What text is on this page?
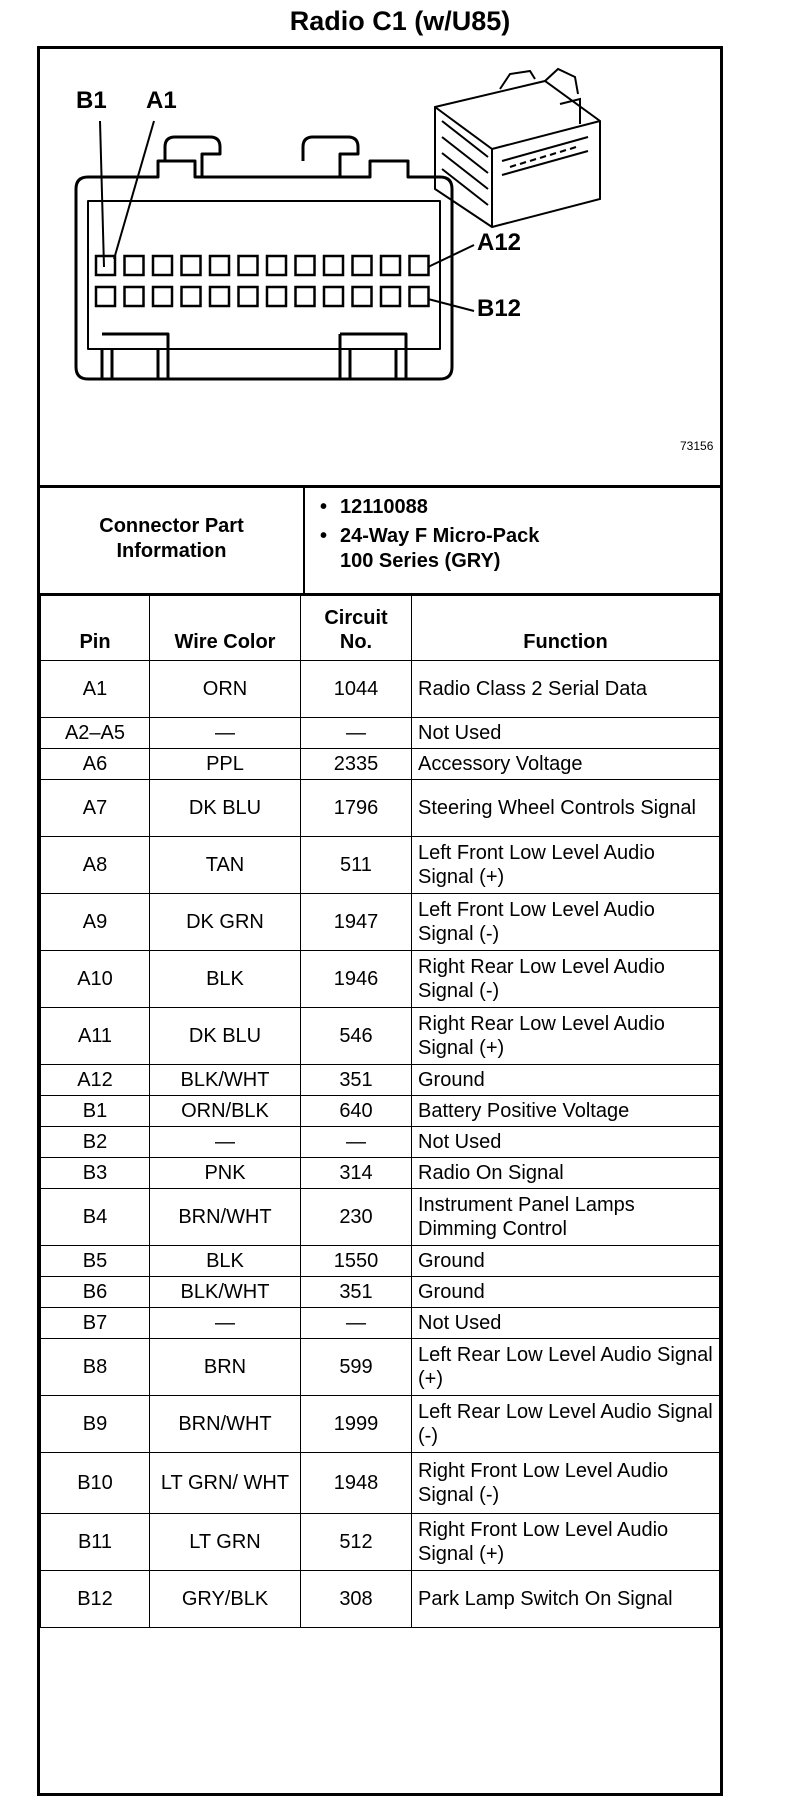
Radio C1 (w/U85)
B1 A1
A12
B12
73156
Connector Part Information
• 12110088
• 24-Way F Micro-Pack 100 Series (GRY)
Pin	Wire Color	Circuit No.	Function
A1	ORN	1044	Radio Class 2 Serial Data
A2–A5	—	—	Not Used
A6	PPL	2335	Accessory Voltage
A7	DK BLU	1796	Steering Wheel Controls Signal
A8	TAN	511	Left Front Low Level Audio Signal (+)
A9	DK GRN	1947	Left Front Low Level Audio Signal (-)
A10	BLK	1946	Right Rear Low Level Audio Signal (-)
A11	DK BLU	546	Right Rear Low Level Audio Signal (+)
A12	BLK/WHT	351	Ground
B1	ORN/BLK	640	Battery Positive Voltage
B2	—	—	Not Used
B3	PNK	314	Radio On Signal
B4	BRN/WHT	230	Instrument Panel Lamps Dimming Control
B5	BLK	1550	Ground
B6	BLK/WHT	351	Ground
B7	—	—	Not Used
B8	BRN	599	Left Rear Low Level Audio Signal (+)
B9	BRN/WHT	1999	Left Rear Low Level Audio Signal (-)
B10	LT GRN/ WHT	1948	Right Front Low Level Audio Signal (-)
B11	LT GRN	512	Right Front Low Level Audio Signal (+)
B12	GRY/BLK	308	Park Lamp Switch On Signal
